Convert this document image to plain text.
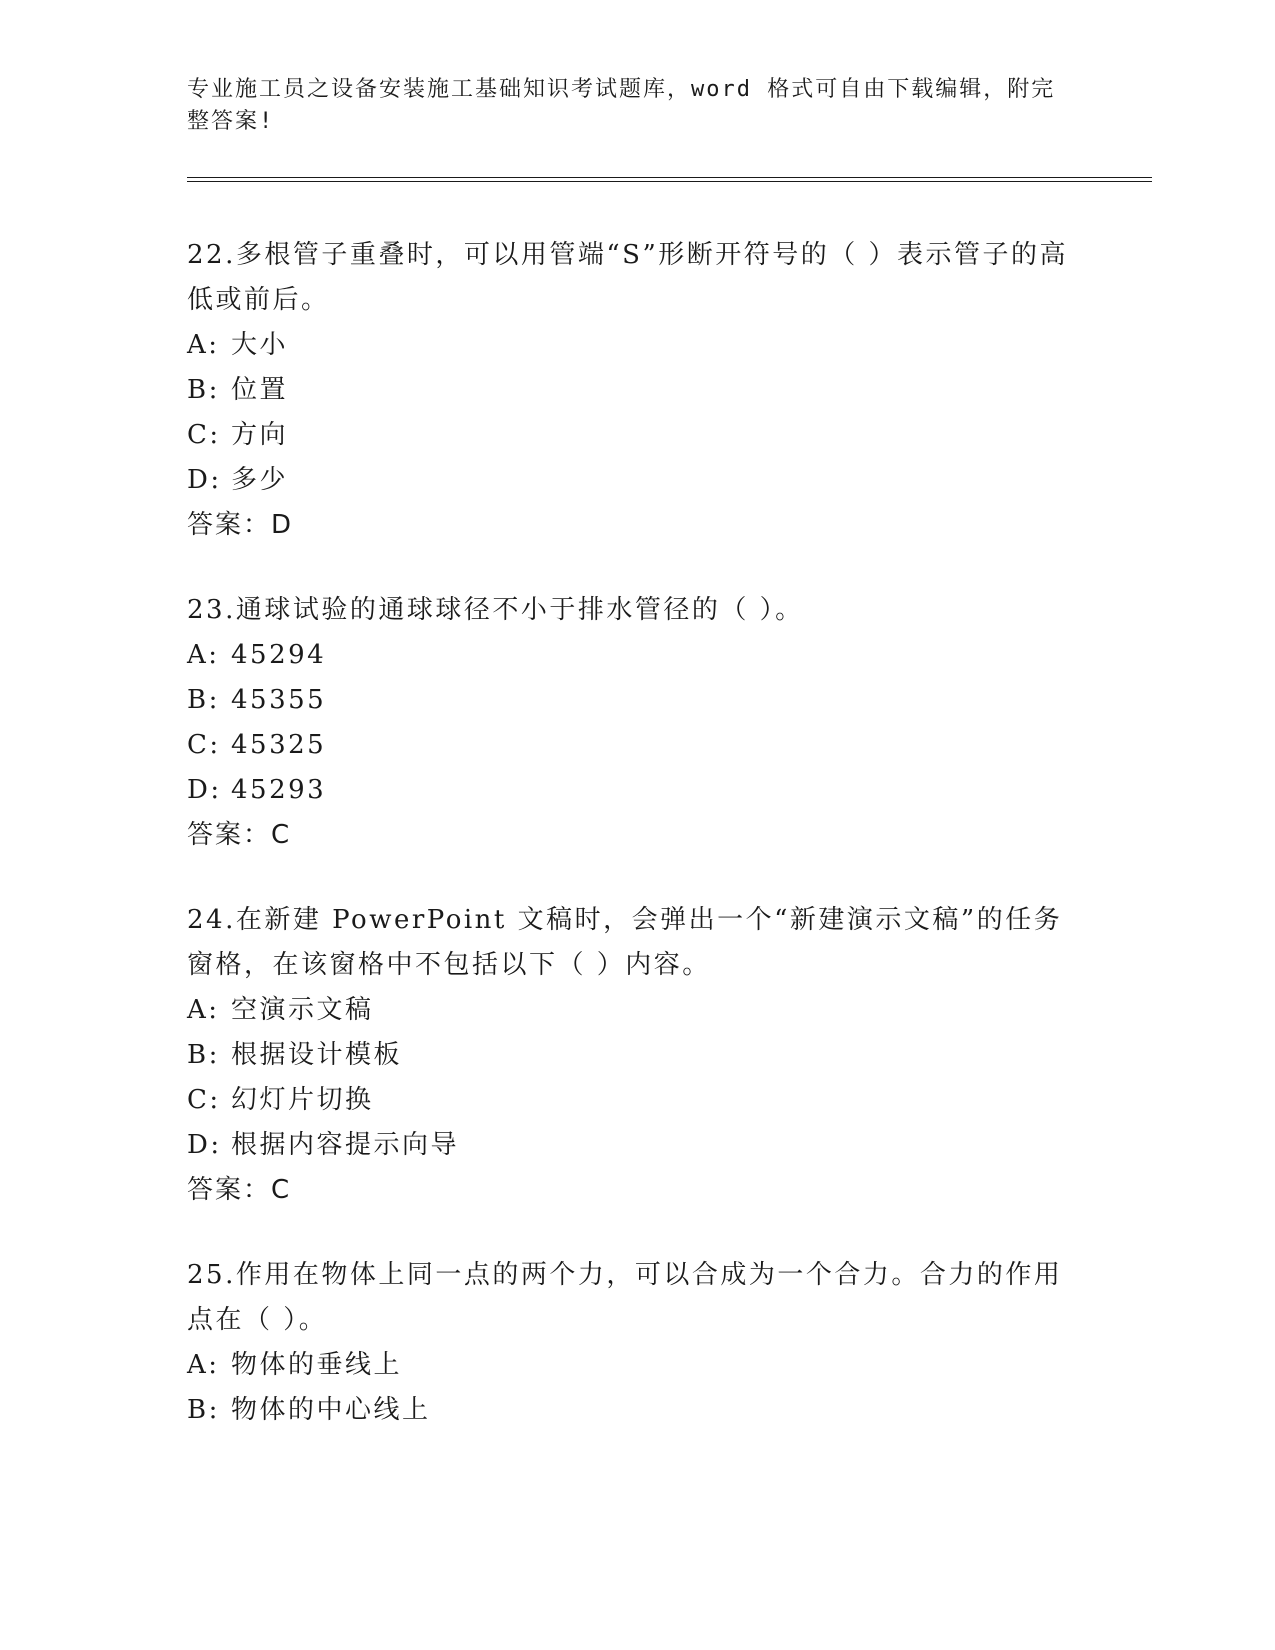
专业施工员之设备安装施工基础知识考试题库，word 格式可自由下载编辑，附完整答案!

22.多根管子重叠时，可以用管端“S”形断开符号的（ ）表示管子的高低或前后。

A: 大小

B: 位置

C: 方向

D: 多少

答案：D

23.通球试验的通球球径不小于排水管径的（ ）。

A: 45294

B: 45355

C: 45325

D: 45293

答案：C

24.在新建 PowerPoint 文稿时，会弹出一个“新建演示文稿”的任务窗格，在该窗格中不包括以下（ ）内容。

A: 空演示文稿

B: 根据设计模板

C: 幻灯片切换

D: 根据内容提示向导

答案：C

25.作用在物体上同一点的两个力，可以合成为一个合力。合力的作用点在（ ）。

A: 物体的垂线上

B: 物体的中心线上
